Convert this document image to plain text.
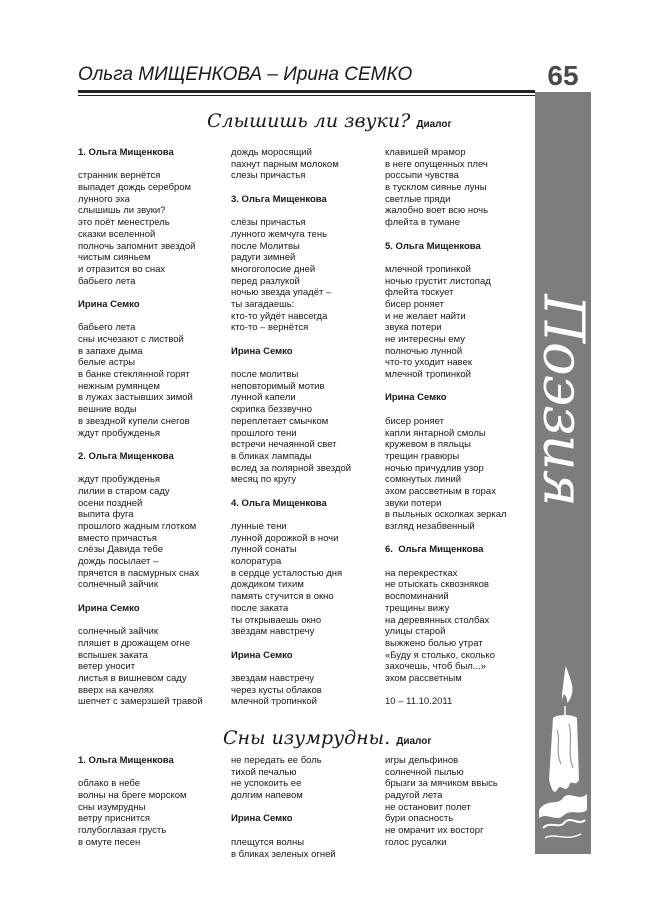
Ольга МИЩЕНКОВА – Ирина СЕМКО	65
Поэзия
Слышишь ли звуки? Диалог
1. Ольга Мищенкова
странник вернётся
выпадет дождь серебром
лунного эха
слышишь ли звуки?
это поёт менестрель
сказки вселенной
полночь запомнит звездой
чистым сияньем
и отразится во снах
бабьего лета
Ирина Семко
бабьего лета
сны исчезают с листвой
в запахе дыма
белые астры
в банке стеклянной горят
нежным румянцем
в лужах застывших зимой
вешние воды
в звездной купели снегов
ждут пробужденья
2. Ольга Мищенкова
ждут пробужденья
лилии в старом саду
осени поздней
выпита фуга
прошлого жадным глотком
вместо причастья
слёзы Давида тебе
дождь посылает –
прячется в пасмурных снах
солнечный зайчик
Ирина Семко
солнечный зайчик
пляшет в дрожащем огне
вспышек заката
ветер уносит
листья в вишневом саду
вверх на качелях
шепчет с замерзшей травой
дождь моросящий
пахнут парным молоком
слезы причастья
3. Ольга Мищенкова
слёзы причастья
лунного жемчуга тень
после Молитвы
радуги зимней
многоголосие дней
перед разлукой
ночью звезда упадёт –
ты загадаешь:
кто-то уйдёт навсегда
кто-то – вернётся
Ирина Семко
после молитвы
неповторимый мотив
лунной капели
скрипка беззвучно
переплетает смычком
прошлого тени
встречи нечаянной свет
в бликах лампады
вслед за полярной звездой
месяц по кругу
4. Ольга Мищенкова
лунные тени
лунной дорожкой в ночи
лунной сонаты
колоратура
в сердце усталостью дня
дождиком тихим
память стучится в окно
после заката
ты открываешь окно
звёздам навстречу
Ирина Семко
звездам навстречу
через кусты облаков
млечной тропинкой
клавишей мрамор
в неге опущенных плеч
россыпи чувства
в тусклом сиянье луны
светлые пряди
жалобно воет всю ночь
флейта в тумане
5. Ольга Мищенкова
млечной тропинкой
ночью грустит листопад
флейта тоскует
бисер роняет
и не желает найти
звука потери
не интересны ему
полночью лунной
что-то уходит навек
млечной тропинкой
Ирина Семко
бисер роняет
капли янтарной смолы
кружевом в пяльцы
трещин гравюры
ночью причудлив узор
сомкнутых линий
эхом рассветным в горах
звуки потери
в пыльных осколках зеркал
взгляд незабвенный
6.  Ольга Мищенкова
на перекрестках
не отыскать сквозняков
воспоминаний
трещины вижу
на деревянных столбах
улицы старой
выжжено болью утрат
«Буду я столько, сколько
захочешь, чтоб был...»
эхом рассветным
10 – 11.10.2011
Сны изумрудны. Диалог
1. Ольга Мищенкова
облако в небе
волны на бреге морском
сны изумрудны
ветру приснится
голубоглазая грусть
в омуте песен
не передать ее боль
тихой печалью
не успокоить ее
долгим напевом
Ирина Семко
плещутся волны
в бликах зеленых огней
игры дельфинов
солнечной пылью
брызги за мячиком ввысь
радугой лета
не остановит полет
бури опасность
не омрачит их восторг
голос русалки
